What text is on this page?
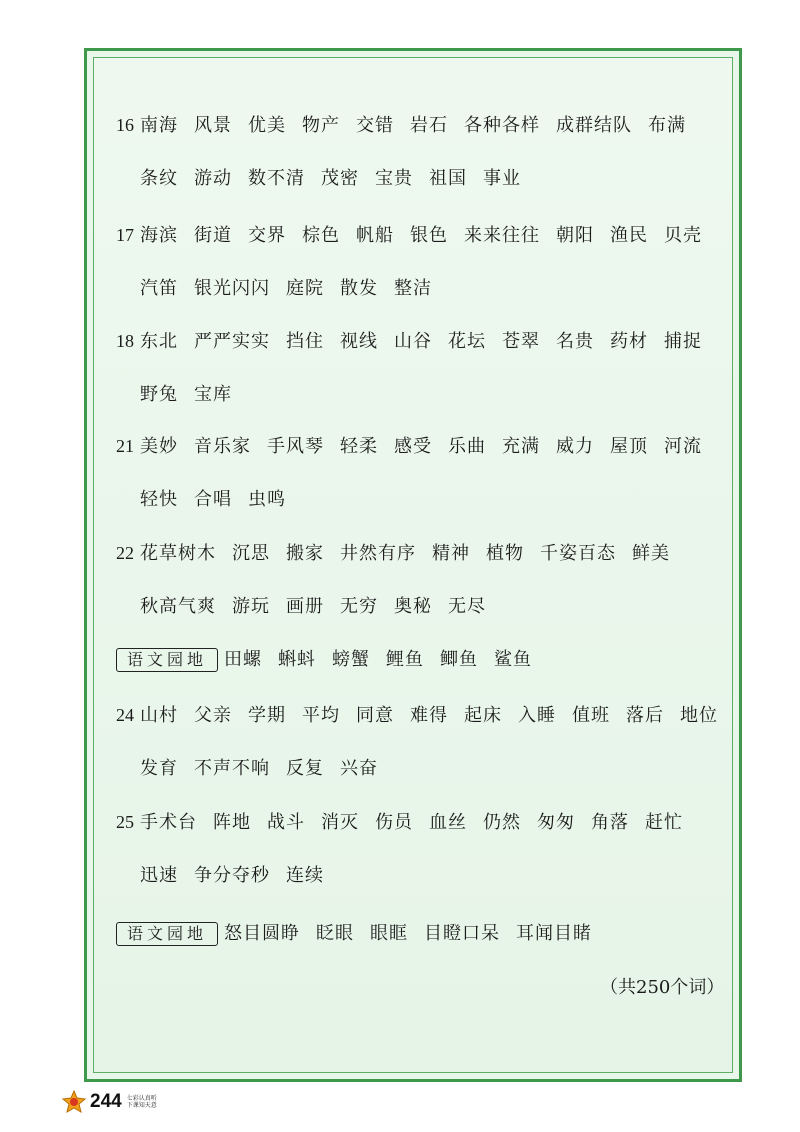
16 南海 风景 优美 物产 交错 岩石 各种各样 成群结队 布满
条纹 游动 数不清 茂密 宝贵 祖国 事业
17 海滨 街道 交界 棕色 帆船 银色 来来往往 朝阳 渔民 贝壳
汽笛 银光闪闪 庭院 散发 整洁
18 东北 严严实实 挡住 视线 山谷 花坛 苍翠 名贵 药材 捕捉
野兔 宝库
21 美妙 音乐家 手风琴 轻柔 感受 乐曲 充满 威力 屋顶 河流
轻快 合唱 虫鸣
22 花草树木 沉思 搬家 井然有序 精神 植物 千姿百态 鲜美
秋高气爽 游玩 画册 无穷 奥秘 无尽
语文园地 田螺 蝌蚪 螃蟹 鲤鱼 鲫鱼 鲨鱼
24 山村 父亲 学期 平均 同意 难得 起床 入睡 值班 落后 地位
发育 不声不响 反复 兴奋
25 手术台 阵地 战斗 消灭 伤员 血丝 仍然 匆匆 角落 赶忙
迅速 争分夺秒 连续
语文园地 怒目圆睁 眨眼 眼眶 目瞪口呆 耳闻目睹
（共250个词）
244 七彩认真听
下课知天意
